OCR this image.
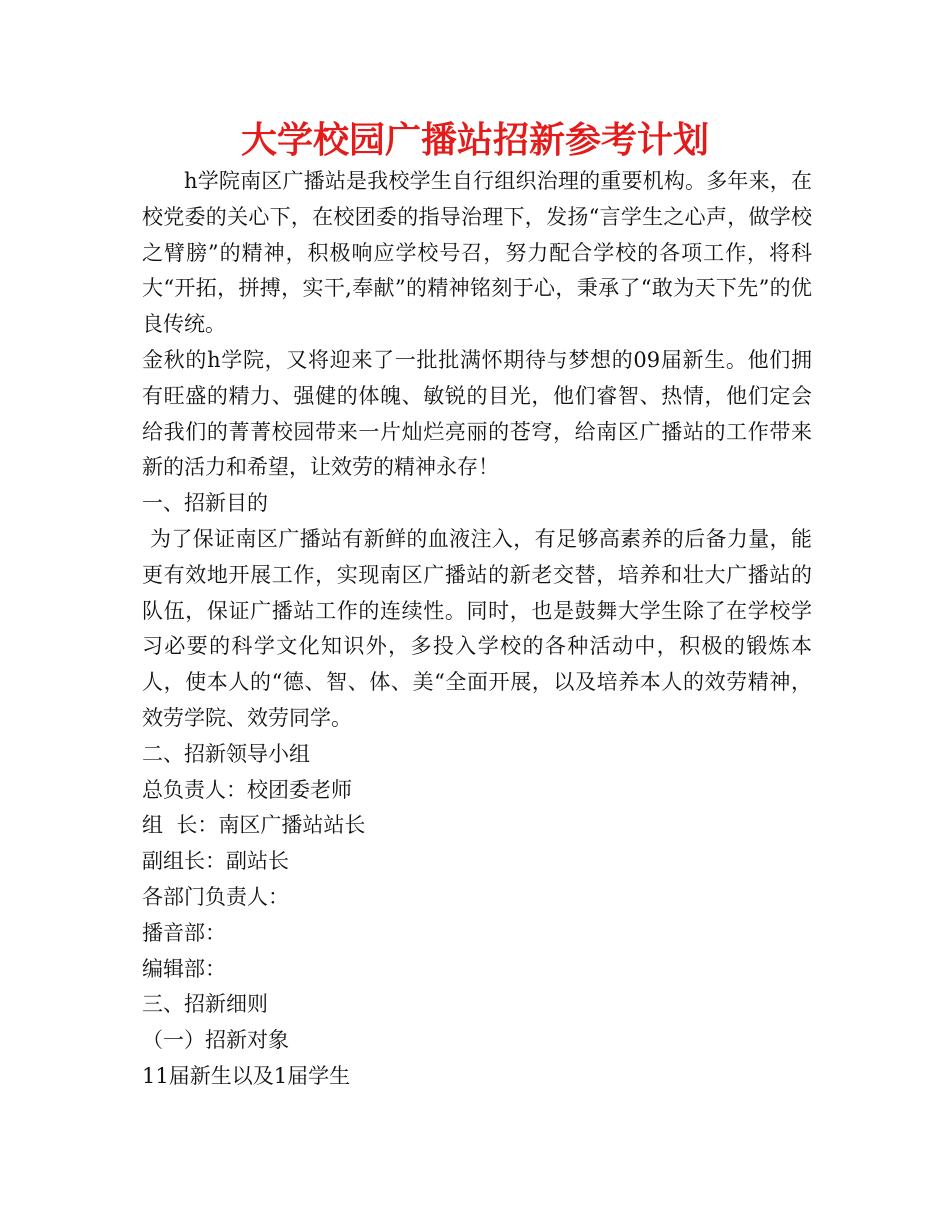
大学校园广播站招新参考计划

h学院南区广播站是我校学生自行组织治理的重要机构。多年来，在校党委的关心下，在校团委的指导治理下，发扬“言学生之心声，做学校之臂膀”的精神，积极响应学校号召，努力配合学校的各项工作，将科大“开拓，拼搏，实干,奉献”的精神铭刻于心，秉承了“敢为天下先”的优良传统。

金秋的h学院，又将迎来了一批批满怀期待与梦想的09届新生。他们拥有旺盛的精力、强健的体魄、敏锐的目光，他们睿智、热情，他们定会给我们的菁菁校园带来一片灿烂亮丽的苍穹，给南区广播站的工作带来新的活力和希望，让效劳的精神永存！

一、招新目的

为了保证南区广播站有新鲜的血液注入，有足够高素养的后备力量，能更有效地开展工作，实现南区广播站的新老交替，培养和壮大广播站的队伍，保证广播站工作的连续性。同时，也是鼓舞大学生除了在学校学习必要的科学文化知识外，多投入学校的各种活动中，积极的锻炼本人，使本人的“德、智、体、美“全面开展，以及培养本人的效劳精神，效劳学院、效劳同学。

二、招新领导小组

总负责人：校团委老师

组  长：南区广播站站长

副组长：副站长

各部门负责人：

播音部：

编辑部：

三、招新细则

（一）招新对象

11届新生以及1届学生
